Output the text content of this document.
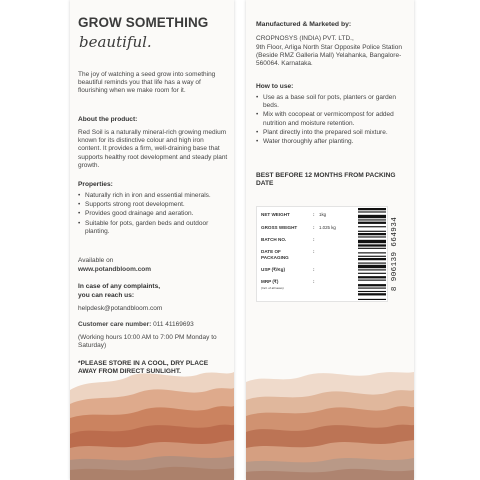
GROW SOMETHING
beautiful.
The joy of watching a seed grow into something beautiful reminds you that life has a way of flourishing when we make room for it.
About the product:
Red Soil is a naturally mineral-rich growing medium known for its distinctive colour and high iron content. It provides a firm, well-draining base that supports healthy root development and steady plant growth.
Properties:
• Naturally rich in iron and essential minerals.
• Supports strong root development.
• Provides good drainage and aeration.
• Suitable for pots, garden beds and outdoor planting.
Available on
www.potandbloom.com
In case of any complaints,
you can reach us:
helpdesk@potandbloom.com
Customer care number: 011 41169693
(Working hours 10:00 AM to 7:00 PM Monday to Saturday)
*PLEASE STORE IN A COOL, DRY PLACE AWAY FROM DIRECT SUNLIGHT.
Manufactured & Marketed by:
CROPNOSYS (INDIA) PVT. LTD.,
9th Floor, Arliga North Star Opposite Police Station (Beside RMZ Galleria Mall) Yelahanka, Bangalore-560064. Karnataka.
How to use:
• Use as a base soil for pots, planters or garden beds.
• Mix with cocopeat or vermicompost for added nutrition and moisture retention.
• Plant directly into the prepared soil mixture.
• Water thoroughly after planting.
BEST BEFORE 12 MONTHS FROM PACKING DATE
NET WEIGHT	: 1kg
GROSS WEIGHT	: 1.025 kg
BATCH NO.	:
DATE OF
PACKAGING
:
USP (₹/Kg)	:
MRP (₹)	:
(Incl. of all taxes)	8 906139 664934
